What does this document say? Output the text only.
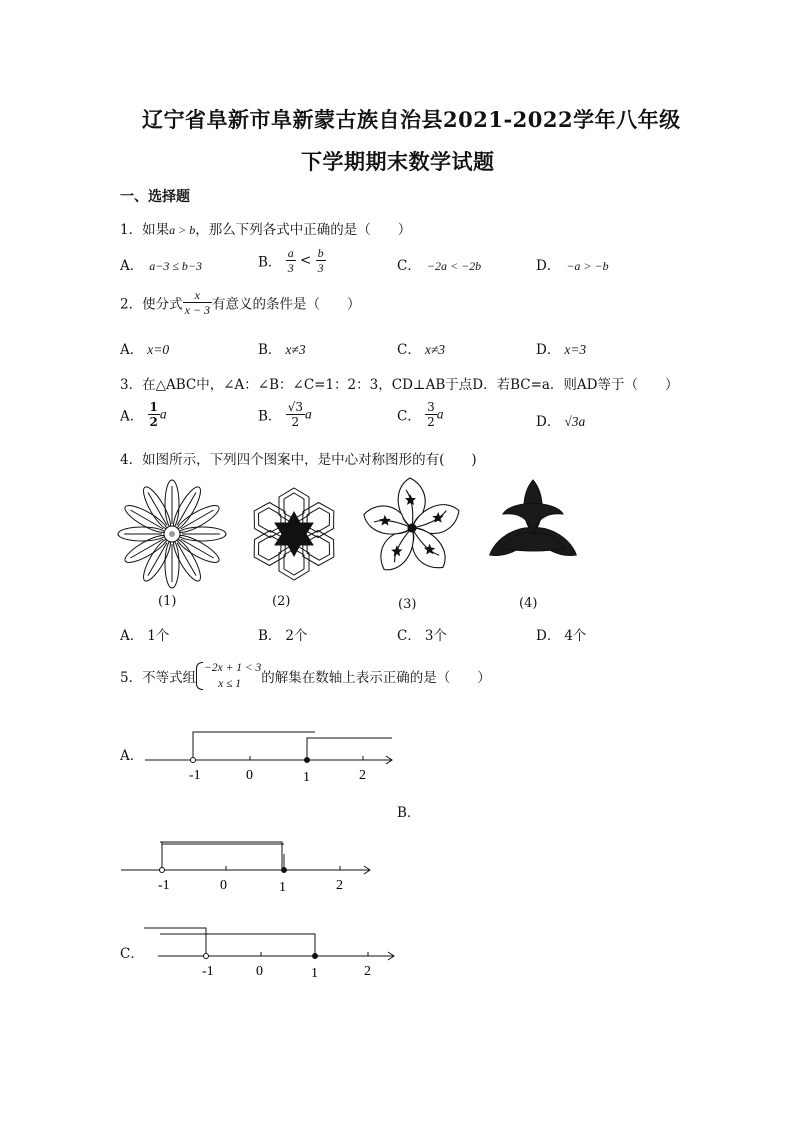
辽宁省阜新市阜新蒙古族自治县2021-2022学年八年级
下学期期末数学试题
一、选择题
1．如果a > b，那么下列各式中正确的是（　　）
A． a−3 ≤ b−3	B． $\frac{a}{3} < \frac{b}{3}$	C． −2a < −2b	D． −a > −b
2．使分式 $\frac{x}{x - 3}$ 有意义的条件是（　　）
A． x=0	B． x≠3	C． x≠3	D． x=3
3．在△ABC中，∠A：∠B：∠C=1：2：3，CD⊥AB于点D．若BC=a．则AD等于（　　）
A． $\frac{1}{2}$ a	B． $\frac{√3}{2}$ a	C． $\frac{3}{2}$ a	D． √3a
4．如图所示，下列四个图案中，是中心对称图形的有(　　)
(1)	(2)	(3)	(4)
A． 1个	B． 2个	C． 3个	D． 4个
5．不等式组
−2x + 1 < 3
x ≤ 1	的解集在数轴上表示正确的是（　　）
A．
-1	0	1	2
B．
-1	0	1	2
C．
-1	0	1	2
